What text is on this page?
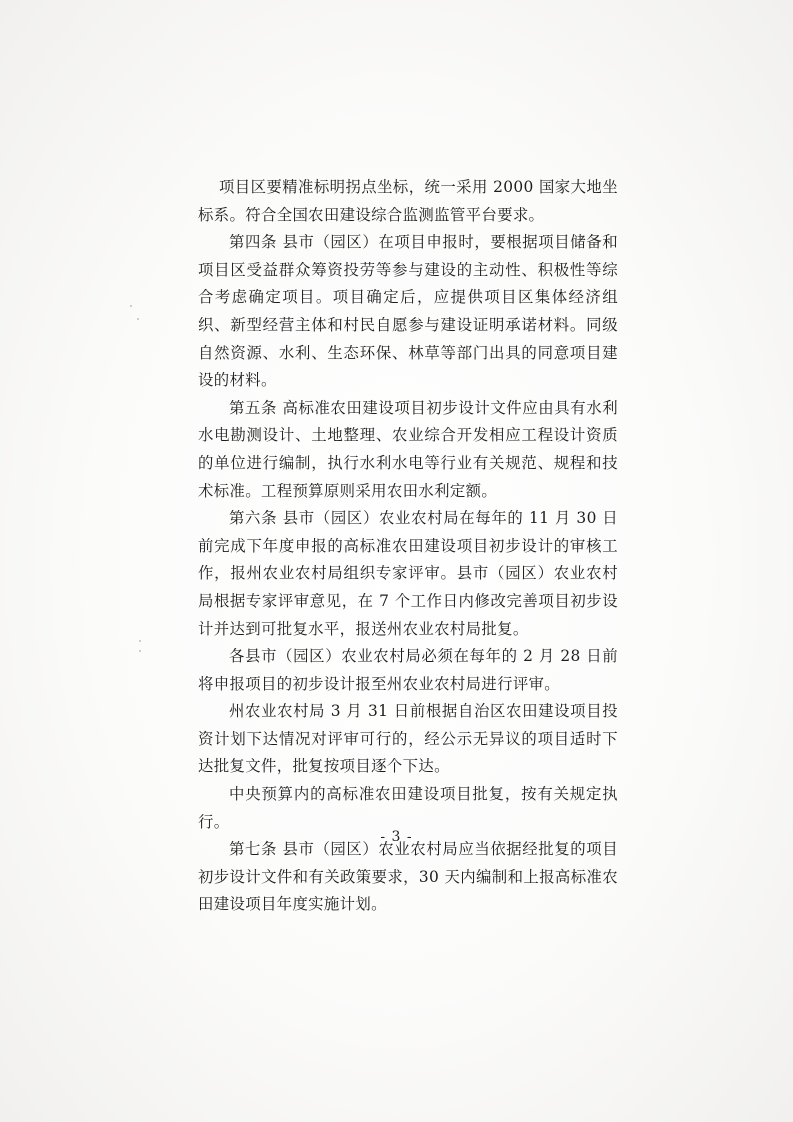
项目区要精准标明拐点坐标，统一采用 2000 国家大地坐标系。符合全国农田建设综合监测监管平台要求。

第四条 县市（园区）在项目申报时，要根据项目储备和项目区受益群众筹资投劳等参与建设的主动性、积极性等综合考虑确定项目。项目确定后，应提供项目区集体经济组织、新型经营主体和村民自愿参与建设证明承诺材料。同级自然资源、水利、生态环保、林草等部门出具的同意项目建设的材料。

第五条 高标准农田建设项目初步设计文件应由具有水利水电勘测设计、土地整理、农业综合开发相应工程设计资质的单位进行编制，执行水利水电等行业有关规范、规程和技术标准。工程预算原则采用农田水利定额。

第六条 县市（园区）农业农村局在每年的 11 月 30 日前完成下年度申报的高标准农田建设项目初步设计的审核工作，报州农业农村局组织专家评审。县市（园区）农业农村局根据专家评审意见，在 7 个工作日内修改完善项目初步设计并达到可批复水平，报送州农业农村局批复。

各县市（园区）农业农村局必须在每年的 2 月 28 日前将申报项目的初步设计报至州农业农村局进行评审。

州农业农村局 3 月 31 日前根据自治区农田建设项目投资计划下达情况对评审可行的，经公示无异议的项目适时下达批复文件，批复按项目逐个下达。

中央预算内的高标准农田建设项目批复，按有关规定执行。

第七条 县市（园区）农业农村局应当依据经批复的项目初步设计文件和有关政策要求，30 天内编制和上报高标准农田建设项目年度实施计划。

- 3 -
